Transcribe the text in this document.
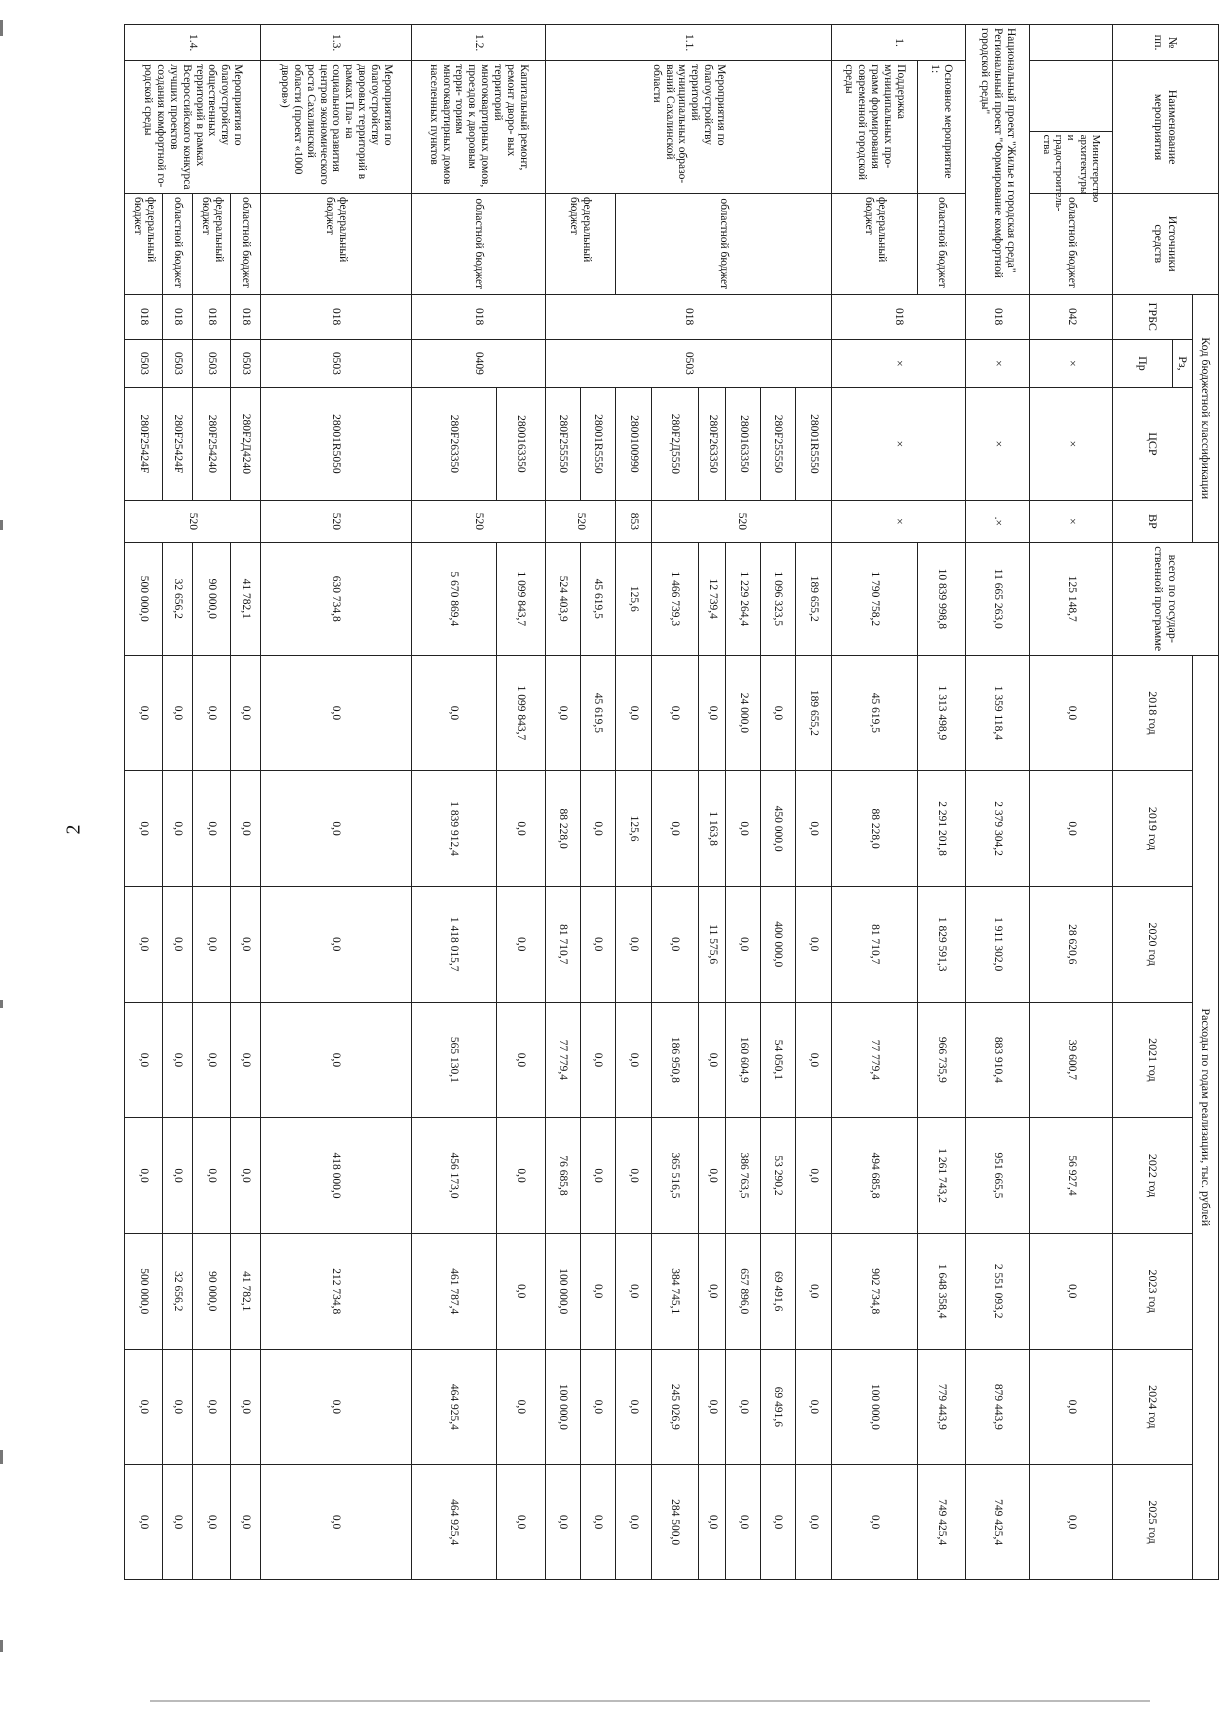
2
№ пп.	Наименование мероприятия		Источники средств	Код бюджетной классификации				всего по государ- ственной программе	Расходы по годам реализации, тыс. рублей							
				ГРБС	Рз,	ЦСР	ВР		2018 год	2019 год	2020 год	2021 год	2022 год	2023 год	2024 год	2025 год
					Пр											
		Министерство архитектуры и градостроитель- ства	областной бюджет	042	×	×	×	125 148,7	0,0	0,0	28 620,6	39 600,7	56 927,4	0,0	0,0	0,0
Национальный проект "Жилье и городская среда" Региональный проект "Формирование комфортной городской среды"				018	×	×	.×	11 665 263,0	1 359 118,4	2 379 304,2	1 911 302,0	883 910,4	951 665,5	2 551 093,2	879 443,9	749 425,4
1.	Основное мероприятие 1:		областной бюджет	018	×	×	×	10 839 998,8	1 313 498,9	2 291 201,8	1 829 591,3	966 735,9	1 261 743,2	1 648 358,4	779 443,9	749 425,4
	Поддержка муниципальных про- грамм формирования современной городской среды		федеральный бюджет					1 790 758,2	45 619,5	88 228,0	81 710,7	77 779,4	494 685,8	902 734,8	100 000,0	0,0
1.1.	Мероприятия по благоустройству территорий муниципальных образо- ваний Сахалинской области		областной бюджет	018	0503	28001R5550	520	189 655,2	189 655,2	0,0	0,0	0,0	0,0	0,0	0,0	0,0
						280F255550		1 096 323,5	0,0	450 000,0	400 000,0	54 050,1	53 290,2	69 491,6	69 491,6	0,0
						2800163350		1 229 264,4	24 000,0	0,0	0,0	160 604,9	386 763,5	657 896,0	0,0	0,0
						280F263350		12 739,4	0,0	1 163,8	11 575,6	0,0	0,0	0,0	0,0	0,0
						280F2Д5550		1 466 739,3	0,0	0,0	0,0	186 950,8	365 516,5	384 745,1	245 026,9	284 500,0
						2800100990	853	125,6	0,0	125,6	0,0	0,0	0,0	0,0	0,0	0,0
			федеральный бюджет			28001R5550	520	45 619,5	45 619,5	0,0	0,0	0,0	0,0	0,0	0,0	0,0
						280F255550		524 403,9	0,0	88 228,0	81 710,7	77 779,4	76 685,8	100 000,0	100 000,0	0,0
1.2.	Капитальный ремонт, ремонт дворо- вых территорий многоквартирных домов, проездов к дворовым терри- ториям многоквартирных домов населенных пунктов		областной бюджет	018	0409	2800163350	520	1 099 843,7	1 099 843,7	0,0	0,0	0,0	0,0	0,0	0,0	0,0
						280F263350		5 670 869,4	0,0	1 839 912,4	1 418 015,7	565 130,1	456 173,0	461 787,4	464 925,4	464 925,4
1.3.	Мероприятия по благоустройству дворовых территорий в рамках Пла- на социального развития центров экономического роста Сахалинской области (проект «1000 дворов»)		федеральный бюджет	018	0503	28001R5050	520	630 734,8	0,0	0,0	0,0	0,0	418 000,0	212 734,8	0,0	0,0
1.4.	Мероприятия по благоустройству общественных территорий в рамках Всероссийского конкурса лучших проектов создания комфортной го- родской среды		областной бюджет	018	0503	280F2Д4240	520	41 782,1	0,0	0,0	0,0	0,0	0,0	41 782,1	0,0	0,0
			федеральный бюджет	018	0503	280F254240		90 000,0	0,0	0,0	0,0	0,0	0,0	90 000,0	0,0	0,0
			областной бюджет	018	0503	280F25424F		32 656,2	0,0	0,0	0,0	0,0	0,0	32 656,2	0,0	0,0
			федеральный бюджет	018	0503	280F25424F		500 000,0	0,0	0,0	0,0	0,0	0,0	500 000,0	0,0	0,0
